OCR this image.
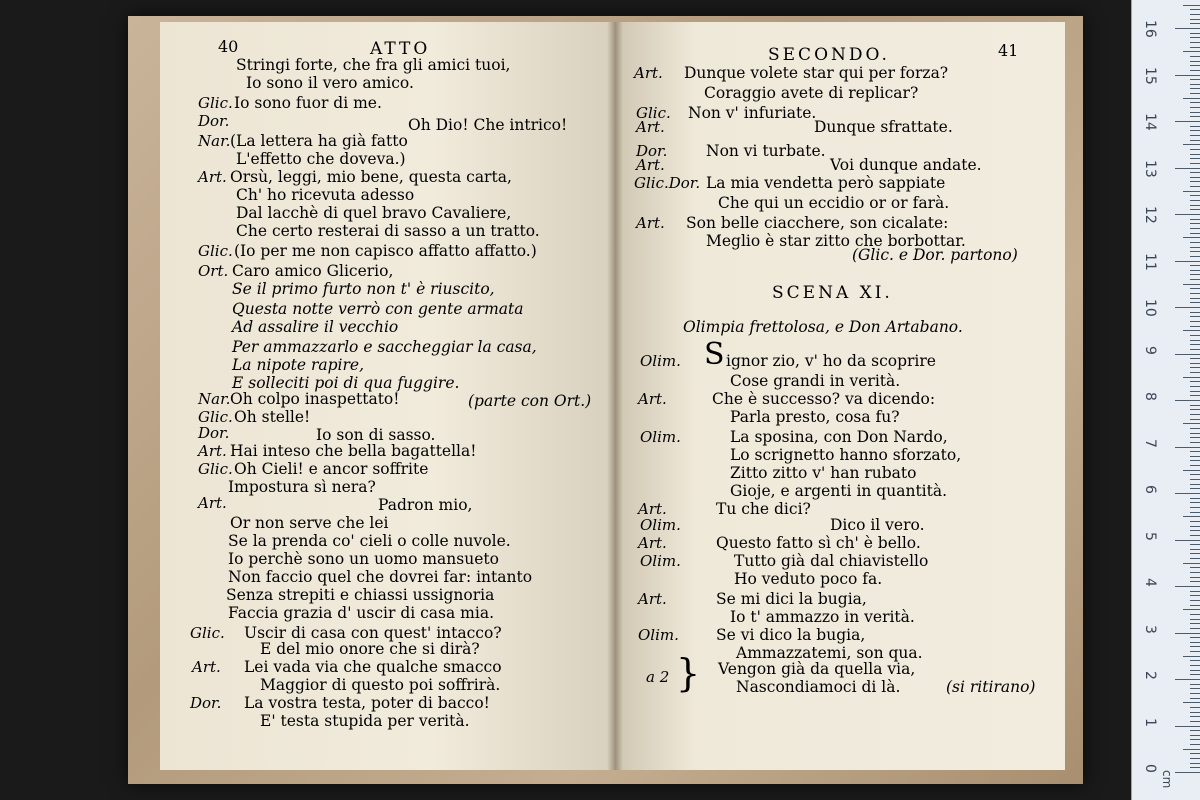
40	ATTO
Stringi forte, che fra gli amici tuoi,
Io sono il vero amico.
Glic. Io sono fuor di me.
Dor.	Oh Dio! Che intrico!
Nar. (La lettera ha già fatto
L'effetto che doveva.)
Art. Orsù, leggi, mio bene, questa carta,
Ch' ho ricevuta adesso
Dal lacchè di quel bravo Cavaliere,
Che certo resterai di sasso a un tratto.
Glic. (Io per me non capisco affatto affatto.)
Ort. Caro amico Glicerio,
Se il primo furto non t' è riuscito,
Questa notte verrò con gente armata
Ad assalire il vecchio
Per ammazzarlo e saccheggiar la casa,
La nipote rapire,
E solleciti poi di qua fuggire.
Nar. Oh colpo inaspettato!	(parte con Ort.)
Glic. Oh stelle!
Dor.	Io son di sasso.
Art. Hai inteso che bella bagattella!
Glic. Oh Cieli! e ancor soffrite
Impostura sì nera?
Art.	Padron mio,
Or non serve che lei
Se la prenda co' cieli o colle nuvole.
Io perchè sono un uomo mansueto
Non faccio quel che dovrei far: intanto
Senza strepiti e chiassi ussignoria
Faccia grazia d' uscir di casa mia.
Glic. Uscir di casa con quest' intacco?
E del mio onore che si dirà?
Art. Lei vada via che qualche smacco
Maggior di questo poi soffrirà.
Dor. La vostra testa, poter di bacco!
E' testa stupida per verità.
SECONDO.	41
Art. Dunque volete star qui per forza?
Coraggio avete di replicar?
Glic. Non v' infuriate.
Art.	Dunque sfrattate.
Dor. Non vi turbate.
Art.	Voi dunque andate.
Glic.Dor. La mia vendetta però sappiate
Che qui un eccidio or or farà.
Art. Son belle ciacchere, son cicalate:
Meglio è star zitto che borbottar.
(Glic. e Dor. partono)
SCENA XI.
Olimpia frettolosa, e Don Artabano.
S
Olim.	ignor zio, v' ho da scoprire
Cose grandi in verità.
Art.	Che è successo? va dicendo:
Parla presto, cosa fu?
Olim.	La sposina, con Don Nardo,
Lo scrignetto hanno sforzato,
Zitto zitto v' han rubato
Gioje, e argenti in quantità.
Art.	Tu che dici?
Olim.	Dico il vero.
Art.	Questo fatto sì ch' è bello.
Olim.	Tutto già dal chiavistello
Ho veduto poco fa.
Art.	Se mi dici la bugia,
Io t' ammazzo in verità.
Olim. Se vi dico la bugia,
Ammazzatemi, son qua.
a 2	Vengon già da quella via,
Nascondiamoci di là.	(si ritirano)
}
0
1
2
3
4
5
6
7
8
9
10
11
12
13
14
15
16
cm
